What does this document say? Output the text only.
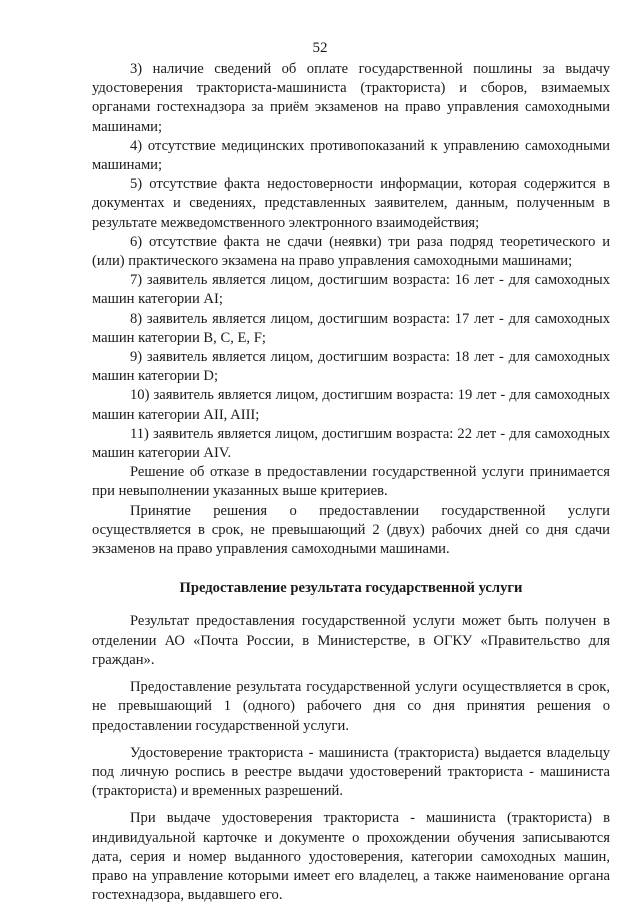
52

3) наличие сведений об оплате государственной пошлины за выдачу удостоверения тракториста-машиниста (тракториста) и сборов, взимаемых органами гостехнадзора за приём экзаменов на право управления самоходными машинами;

4) отсутствие медицинских противопоказаний к управлению самоходными машинами;

5) отсутствие факта недостоверности информации, которая содержится в документах и сведениях, представленных заявителем, данным, полученным в результате межведомственного электронного взаимодействия;

6) отсутствие факта не сдачи (неявки) три раза подряд теоретического и (или) практического экзамена на право управления самоходными машинами;

7) заявитель является лицом, достигшим возраста: 16 лет - для самоходных машин категории AI;

8) заявитель является лицом, достигшим возраста: 17 лет - для самоходных машин категории B, C, E, F;

9) заявитель является лицом, достигшим возраста: 18 лет - для самоходных машин категории D;

10) заявитель является лицом, достигшим возраста: 19 лет - для самоходных машин категории AII, AIII;

11) заявитель является лицом, достигшим возраста: 22 лет - для самоходных машин категории AIV.

Решение об отказе в предоставлении государственной услуги принимается при невыполнении указанных выше критериев.

Принятие решения о предоставлении государственной услуги осуществляется в срок, не превышающий 2 (двух) рабочих дней со дня сдачи экзаменов на право управления самоходными машинами.

Предоставление результата государственной услуги

Результат предоставления государственной услуги может быть получен в отделении АО «Почта России, в Министерстве, в ОГКУ «Правительство для граждан».

Предоставление результата государственной услуги осуществляется в срок, не превышающий 1 (одного) рабочего дня со дня принятия решения о предоставлении государственной услуги.

Удостоверение тракториста - машиниста (тракториста) выдается владельцу под личную роспись в реестре выдачи удостоверений тракториста - машиниста (тракториста) и временных разрешений.

При выдаче удостоверения тракториста - машиниста (тракториста) в индивидуальной карточке и документе о прохождении обучения записываются дата, серия и номер выданного удостоверения, категории самоходных машин, право на управление которыми имеет его владелец, а также наименование органа гостехнадзора, выдавшего его.
